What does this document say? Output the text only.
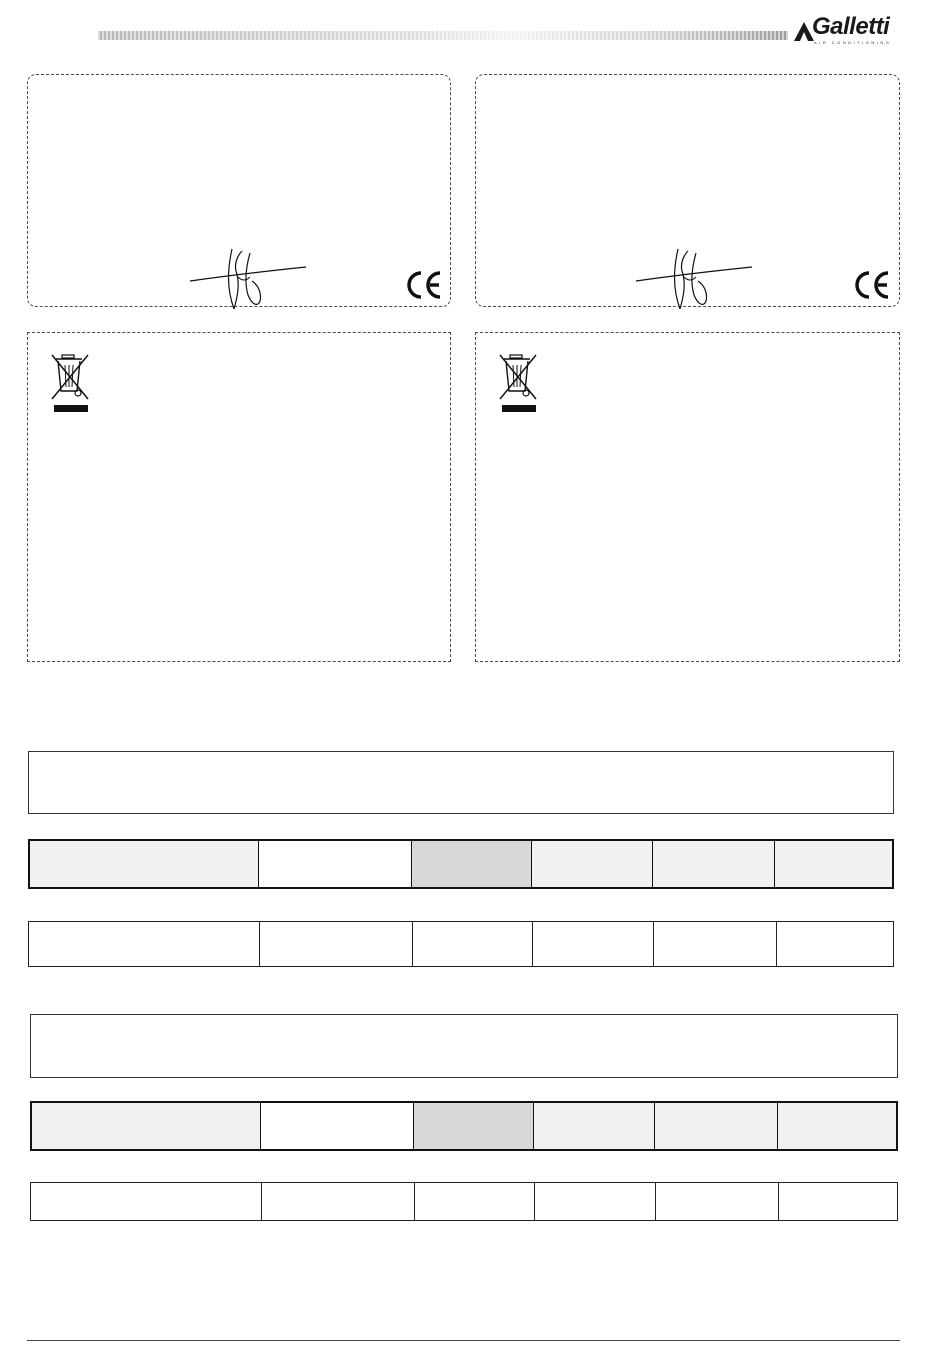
Galletti
AIR CONDITIONING
